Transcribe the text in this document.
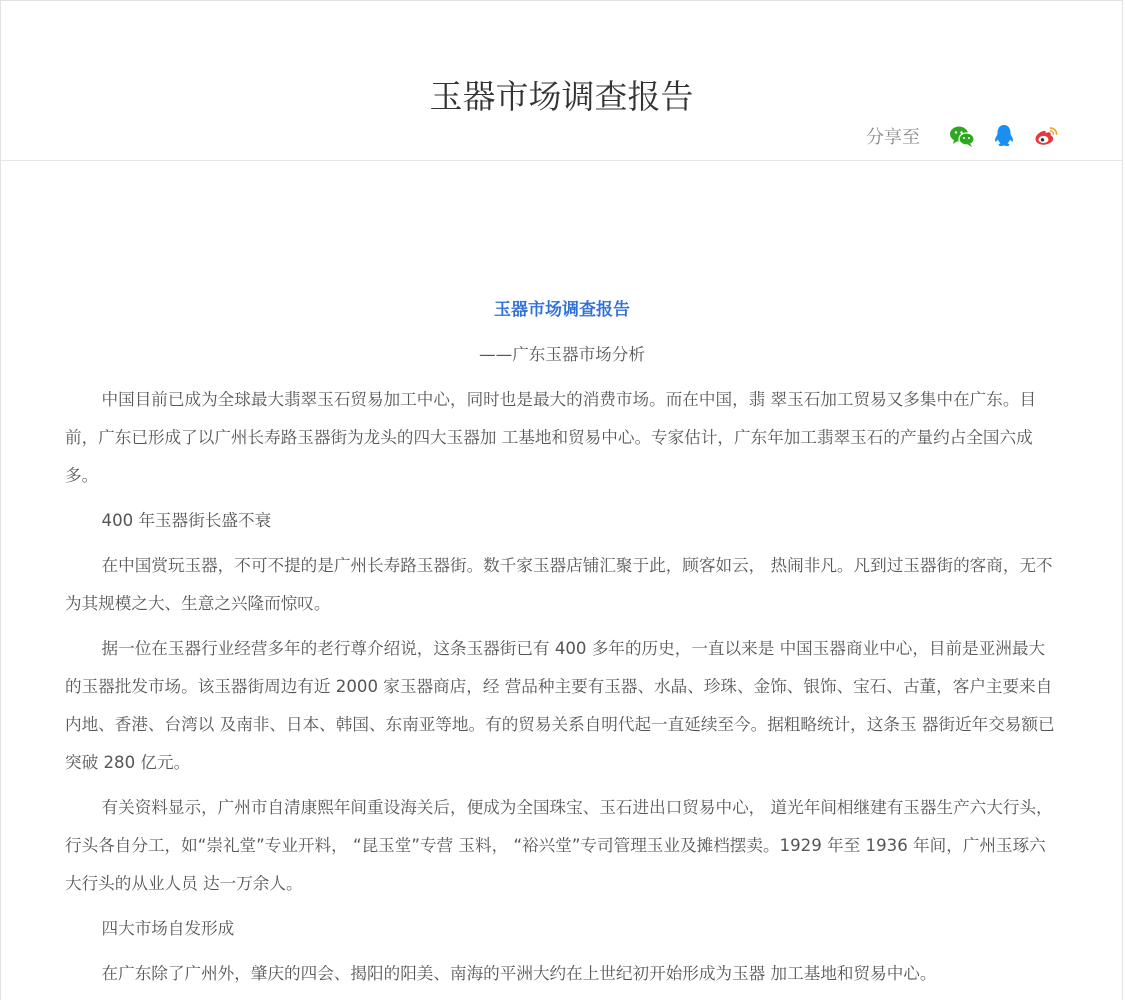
玉器市场调查报告
分享至

玉器市场调查报告

——广东玉器市场分析

中国目前已成为全球最大翡翠玉石贸易加工中心，同时也是最大的消费市场。而在中国，翡 翠玉石加工贸易又多集中在广东。目前，广东已形成了以广州长寿路玉器街为龙头的四大玉器加 工基地和贸易中心。专家估计，广东年加工翡翠玉石的产量约占全国六成多。

400 年玉器街长盛不衰

在中国赏玩玉器，不可不提的是广州长寿路玉器街。数千家玉器店铺汇聚于此，顾客如云， 热闹非凡。凡到过玉器街的客商，无不为其规模之大、生意之兴隆而惊叹。

据一位在玉器行业经营多年的老行尊介绍说，这条玉器街已有 400 多年的历史，一直以来是 中国玉器商业中心，目前是亚洲最大的玉器批发市场。该玉器街周边有近 2000 家玉器商店，经 营品种主要有玉器、水晶、珍珠、金饰、银饰、宝石、古董，客户主要来自内地、香港、台湾以 及南非、日本、韩国、东南亚等地。有的贸易关系自明代起一直延续至今。据粗略统计，这条玉 器街近年交易额已突破 280 亿元。

有关资料显示，广州市自清康熙年间重设海关后，便成为全国珠宝、玉石进出口贸易中心， 道光年间相继建有玉器生产六大行头，行头各自分工，如“崇礼堂”专业开料， “昆玉堂”专营 玉料， “裕兴堂”专司管理玉业及摊档摆卖。1929 年至 1936 年间，广州玉琢六大行头的从业人员 达一万余人。

四大市场自发形成

在广东除了广州外，肇庆的四会、揭阳的阳美、南海的平洲大约在上世纪初开始形成为玉器 加工基地和贸易中心。
